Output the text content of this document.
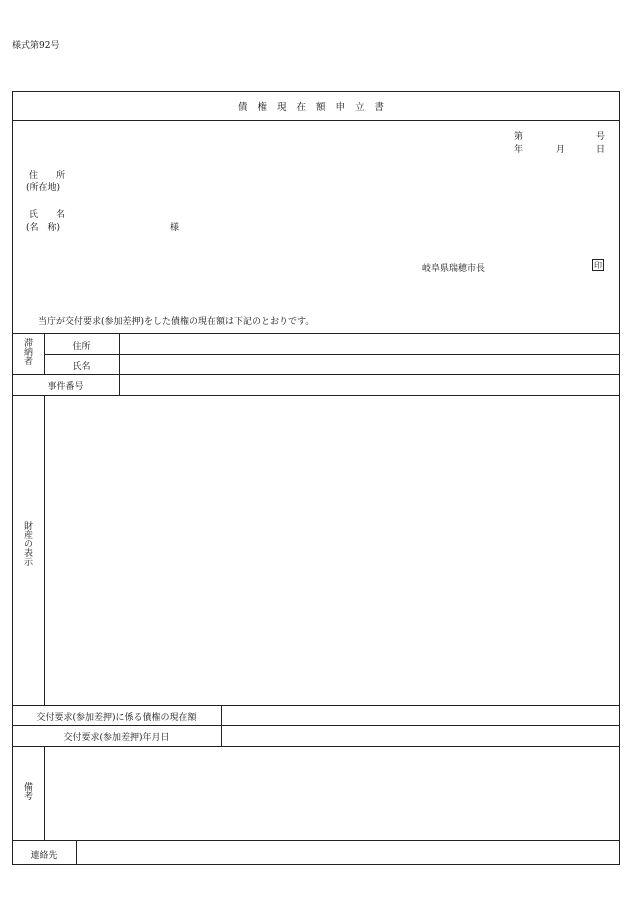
様式第92号
債権現在額申立書
第	号
年	月	日
住　　所
(所在地)
氏　　名
(名　称)	様
岐阜県瑞穂市長	印
当庁が交付要求(参加差押)をした債権の現在額は下記のとおりです。
滞納者	住所
氏名
事件番号
財産の表示
交付要求(参加差押)に係る債権の現在額
交付要求(参加差押)年月日
備考
連絡先
